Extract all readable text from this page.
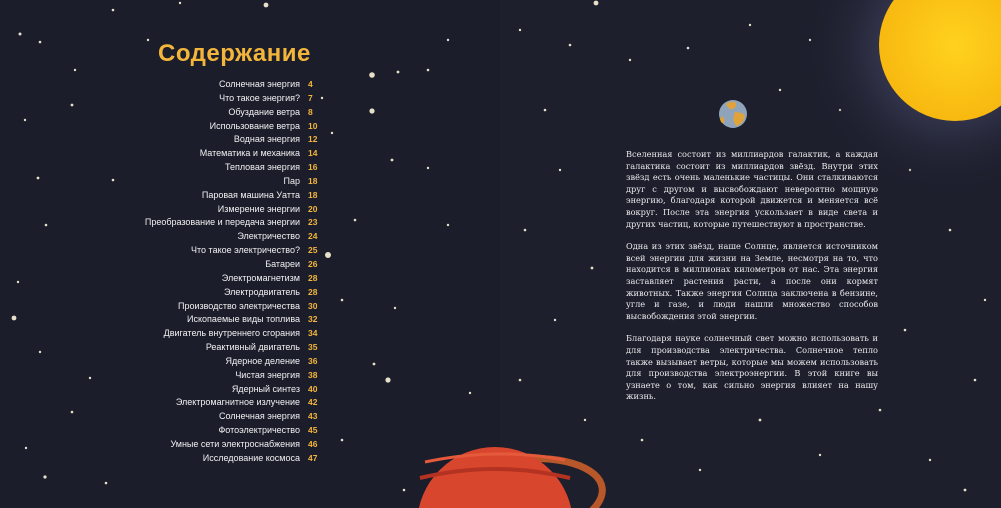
Содержание
Солнечная энергия 4
Что такое энергия? 7
Обуздание ветра 8
Использование ветра 10
Водная энергия 12
Математика и механика 14
Тепловая энергия 16
Пар 18
Паровая машина Уатта 18
Измерение энергии 20
Преобразование и передача энергии 23
Электричество 24
Что такое электричество? 25
Батареи 26
Электромагнетизм 28
Электродвигатель 28
Производство электричества 30
Ископаемые виды топлива 32
Двигатель внутреннего сгорания 34
Реактивный двигатель 35
Ядерное деление 36
Чистая энергия 38
Ядерный синтез 40
Электромагнитное излучение 42
Солнечная энергия 43
Фотоэлектричество 45
Умные сети электроснабжения 46
Исследование космоса 47

Вселенная состоит из миллиардов галактик, а каждая галактика состоит из миллиардов звёзд. Внутри этих звёзд есть очень маленькие частицы. Они сталкиваются друг с другом и высвобождают невероятно мощную энергию, благодаря которой движется и меняется всё вокруг. После эта энергия ускользает в виде света и других частиц, которые путешествуют в пространстве.

Одна из этих звёзд, наше Солнце, является источником всей энергии для жизни на Земле, несмотря на то, что находится в миллионах километров от нас. Эта энергия заставляет растения расти, а после они кормят животных. Также энергия Солнца заключена в бензине, угле и газе, и люди нашли множество способов высвобождения этой энергии.

Благодаря науке солнечный свет можно использовать и для производства электричества. Солнечное тепло также вызывает ветры, которые мы можем использовать для производства электроэнергии. В этой книге вы узнаете о том, как сильно энергия влияет на нашу жизнь.
